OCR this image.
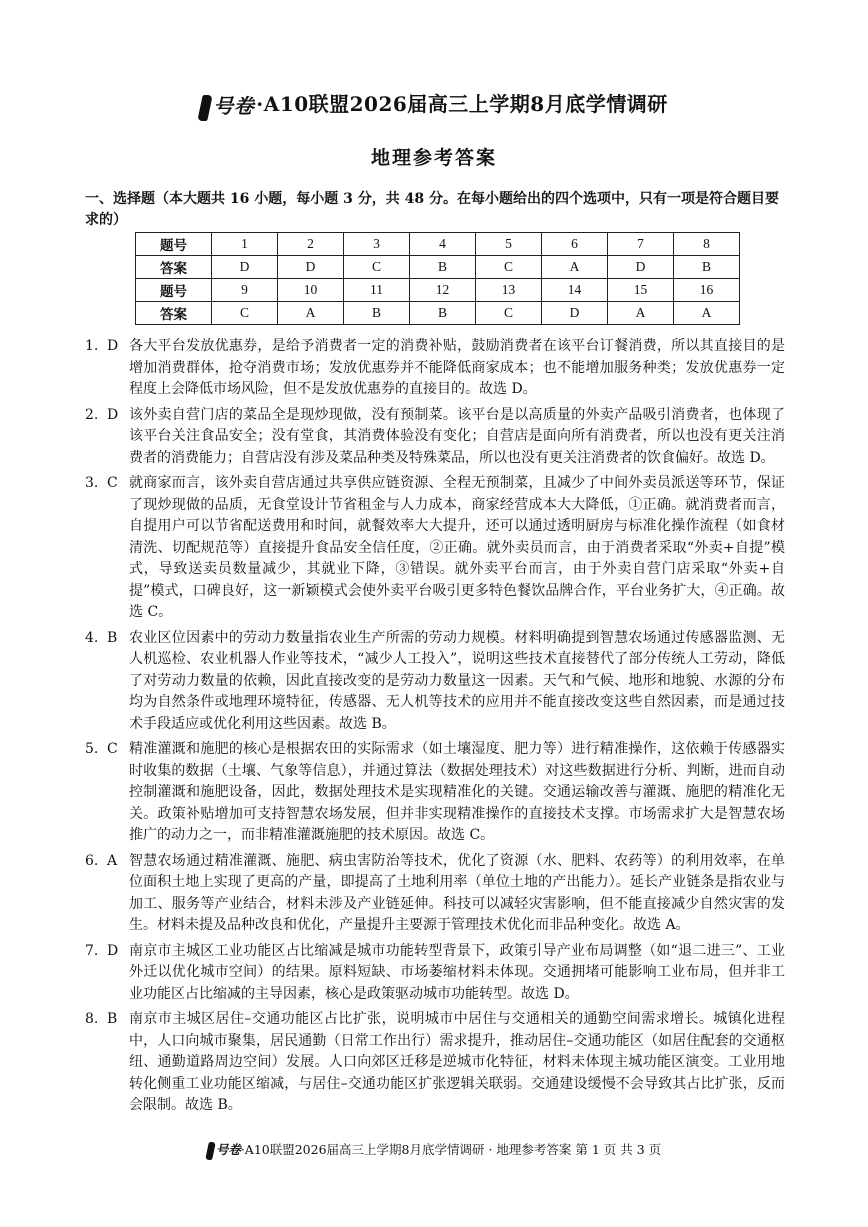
号卷 ·A10联盟2026届高三上学期8月底学情调研
地理参考答案
一、选择题（本大题共 16 小题，每小题 3 分，共 48 分。在每小题给出的四个选项中，只有一项是符合题目要求的）
题号	1	2	3	4	5	6	7	8
答案	D	D	C	B	C	A	D	B
题号	9	10	11	12	13	14	15	16
答案	C	A	B	B	C	D	A	A
1. D 各大平台发放优惠券，是给予消费者一定的消费补贴，鼓励消费者在该平台订餐消费，所以其直接目的是增加消费群体，抢夺消费市场；发放优惠券并不能降低商家成本；也不能增加服务种类；发放优惠券一定程度上会降低市场风险，但不是发放优惠券的直接目的。故选 D。
2. D 该外卖自营门店的菜品全是现炒现做，没有预制菜。该平台是以高质量的外卖产品吸引消费者，也体现了该平台关注食品安全；没有堂食，其消费体验没有变化；自营店是面向所有消费者，所以也没有更关注消费者的消费能力；自营店没有涉及菜品种类及特殊菜品，所以也没有更关注消费者的饮食偏好。故选 D。
3. C 就商家而言，该外卖自营店通过共享供应链资源、全程无预制菜，且减少了中间外卖员派送等环节，保证了现炒现做的品质，无食堂设计节省租金与人力成本，商家经营成本大大降低，①正确。就消费者而言，自提用户可以节省配送费用和时间，就餐效率大大提升，还可以通过透明厨房与标准化操作流程（如食材清洗、切配规范等）直接提升食品安全信任度，②正确。就外卖员而言，由于消费者采取“外卖+自提”模式，导致送卖员数量减少，其就业下降，③错误。就外卖平台而言，由于外卖自营门店采取“外卖+自提”模式，口碑良好，这一新颖模式会使外卖平台吸引更多特色餐饮品牌合作，平台业务扩大，④正确。故选 C。
4. B 农业区位因素中的劳动力数量指农业生产所需的劳动力规模。材料明确提到智慧农场通过传感器监测、无人机巡检、农业机器人作业等技术，“减少人工投入”，说明这些技术直接替代了部分传统人工劳动，降低了对劳动力数量的依赖，因此直接改变的是劳动力数量这一因素。天气和气候、地形和地貌、水源的分布均为自然条件或地理环境特征，传感器、无人机等技术的应用并不能直接改变这些自然因素，而是通过技术手段适应或优化利用这些因素。故选 B。
5. C 精准灌溉和施肥的核心是根据农田的实际需求（如土壤湿度、肥力等）进行精准操作，这依赖于传感器实时收集的数据（土壤、气象等信息），并通过算法（数据处理技术）对这些数据进行分析、判断，进而自动控制灌溉和施肥设备，因此，数据处理技术是实现精准化的关键。交通运输改善与灌溉、施肥的精准化无关。政策补贴增加可支持智慧农场发展，但并非实现精准操作的直接技术支撑。市场需求扩大是智慧农场推广的动力之一，而非精准灌溉施肥的技术原因。故选 C。
6. A 智慧农场通过精准灌溉、施肥、病虫害防治等技术，优化了资源（水、肥料、农药等）的利用效率，在单位面积土地上实现了更高的产量，即提高了土地利用率（单位土地的产出能力）。延长产业链条是指农业与加工、服务等产业结合，材料未涉及产业链延伸。科技可以减轻灾害影响，但不能直接减少自然灾害的发生。材料未提及品种改良和优化，产量提升主要源于管理技术优化而非品种变化。故选 A。
7. D 南京市主城区工业功能区占比缩减是城市功能转型背景下，政策引导产业布局调整（如“退二进三”、工业外迁以优化城市空间）的结果。原料短缺、市场萎缩材料未体现。交通拥堵可能影响工业布局，但并非工业功能区占比缩减的主导因素，核心是政策驱动城市功能转型。故选 D。
8. B 南京市主城区居住–交通功能区占比扩张，说明城市中居住与交通相关的通勤空间需求增长。城镇化进程中，人口向城市聚集，居民通勤（日常工作出行）需求提升，推动居住–交通功能区（如居住配套的交通枢纽、通勤道路周边空间）发展。人口向郊区迁移是逆城市化特征，材料未体现主城功能区演变。工业用地转化侧重工业功能区缩减，与居住–交通功能区扩张逻辑关联弱。交通建设缓慢不会导致其占比扩张，反而会限制。故选 B。
号卷·A10联盟2026届高三上学期8月底学情调研 · 地理参考答案 第 1 页 共 3 页
